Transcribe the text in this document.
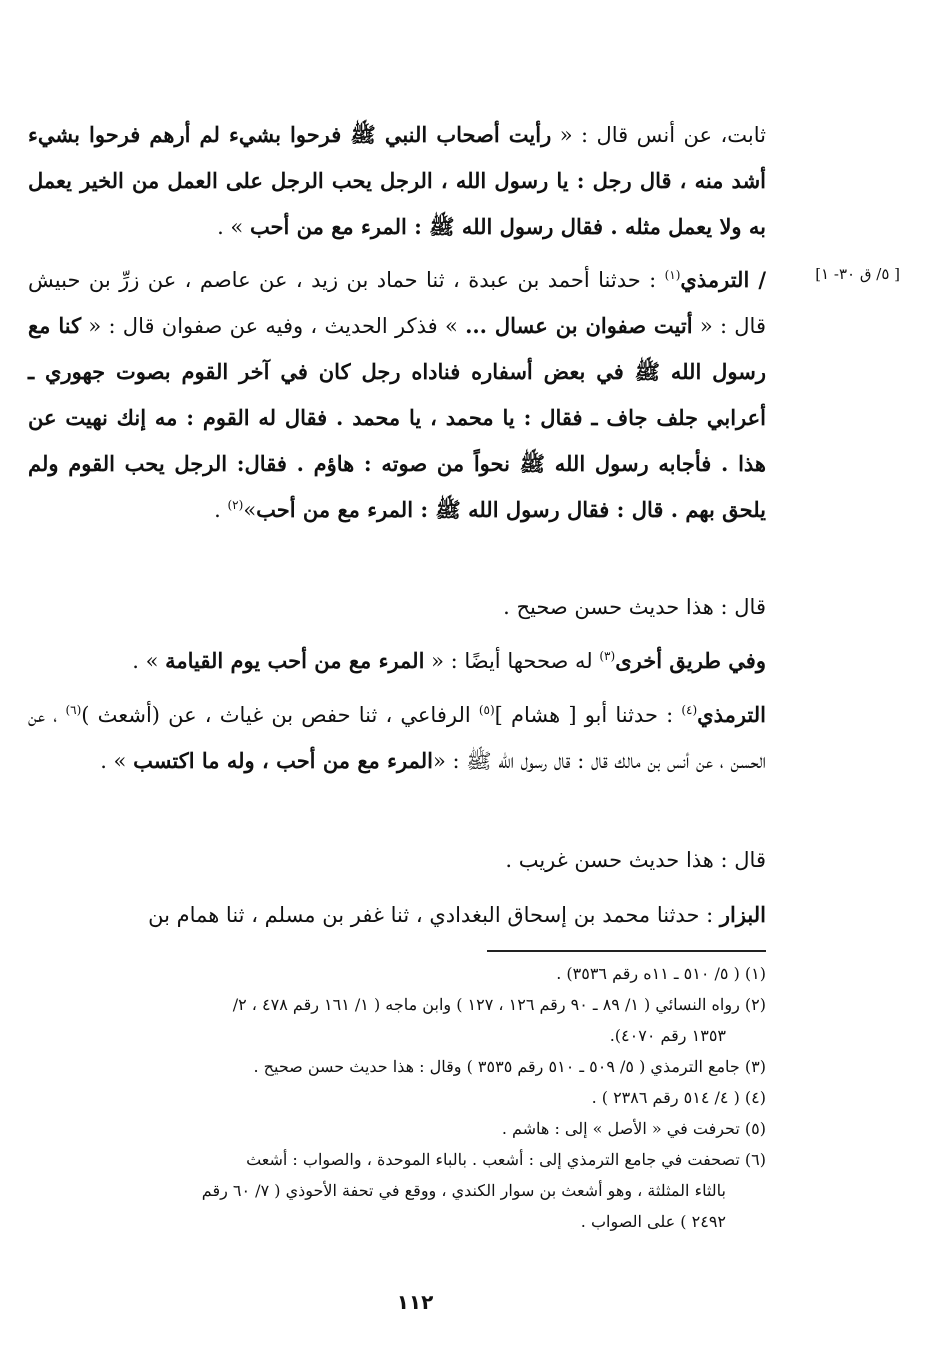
[ ٥/ ق ٣٠- ١]
ثابت، عن أنس قال : « رأيت أصحاب النبي ﷺ فرحوا بشيء لم أرهم فرحوا بشيء أشد منه ، قال رجل : يا رسول الله ، الرجل يحب الرجل على العمل من الخير يعمل به ولا يعمل مثله . فقال رسول الله ﷺ : المرء مع من أحب » .
/ الترمذي$^{(١)}$ : حدثنا أحمد بن عبدة ، ثنا حماد بن زيد ، عن عاصم ، عن زرِّ بن حبيش قال : « أتيت صفوان بن عسال ... » فذكر الحديث ، وفيه عن صفوان قال : « كنا مع رسول الله ﷺ في بعض أسفاره فناداه رجل كان في آخر القوم بصوت جهوري ـ أعرابي جلف جاف ـ فقال : يا محمد ، يا محمد . فقال له القوم : مه إنك نهيت عن هذا . فأجابه رسول الله ﷺ نحواً من صوته : هاؤم . فقال: الرجل يحب القوم ولم يلحق بهم . قال : فقال رسول الله ﷺ : المرء مع من أحب»$^{(٢)}$ .
قال : هذا حديث حسن صحيح .
وفي طريق أخرى$^{(٣)}$ له صححها أيضًا : « المرء مع من أحب يوم القيامة » .
الترمذي$^{(٤)}$ : حدثنا أبو [ هشام ]$^{(٥)}$ الرفاعي ، ثنا حفص بن غياث ، عن (أشعث )$^{(٦)}$ ، عن الحسن ، عن أنس بن مالك قال : قال رسول الله ﷺ : «المرء مع من أحب ، وله ما اكتسب » .
قال : هذا حديث حسن غريب .
البزار : حدثنا محمد بن إسحاق البغدادي ، ثنا غفر بن مسلم ، ثنا همام بن
(١) ( ٥/ ٥١٠ ـ ١١ه رقم ٣٥٣٦) .
(٢) رواه النسائي ( ١/ ٨٩ ـ ٩٠ رقم ١٢٦ ، ١٢٧ ) وابن ماجه ( ١/ ١٦١ رقم ٤٧٨ ، ٢/
١٣٥٣ رقم ٤٠٧٠).
(٣) جامع الترمذي ( ٥/ ٥٠٩ ـ ٥١٠ رقم ٣٥٣٥ ) وقال : هذا حديث حسن صحيح .
(٤) ( ٤/ ٥١٤ رقم ٢٣٨٦ ) .
(٥) تحرفت في « الأصل » إلى : هاشم .
(٦) تصحفت في جامع الترمذي إلى : أشعب . بالباء الموحدة ، والصواب : أشعث
بالثاء المثلثة ، وهو أشعث بن سوار الكندي ، ووقع في تحفة الأحوذي ( ٧/ ٦٠ رقم
٢٤٩٢ ) على الصواب .
١١٢
